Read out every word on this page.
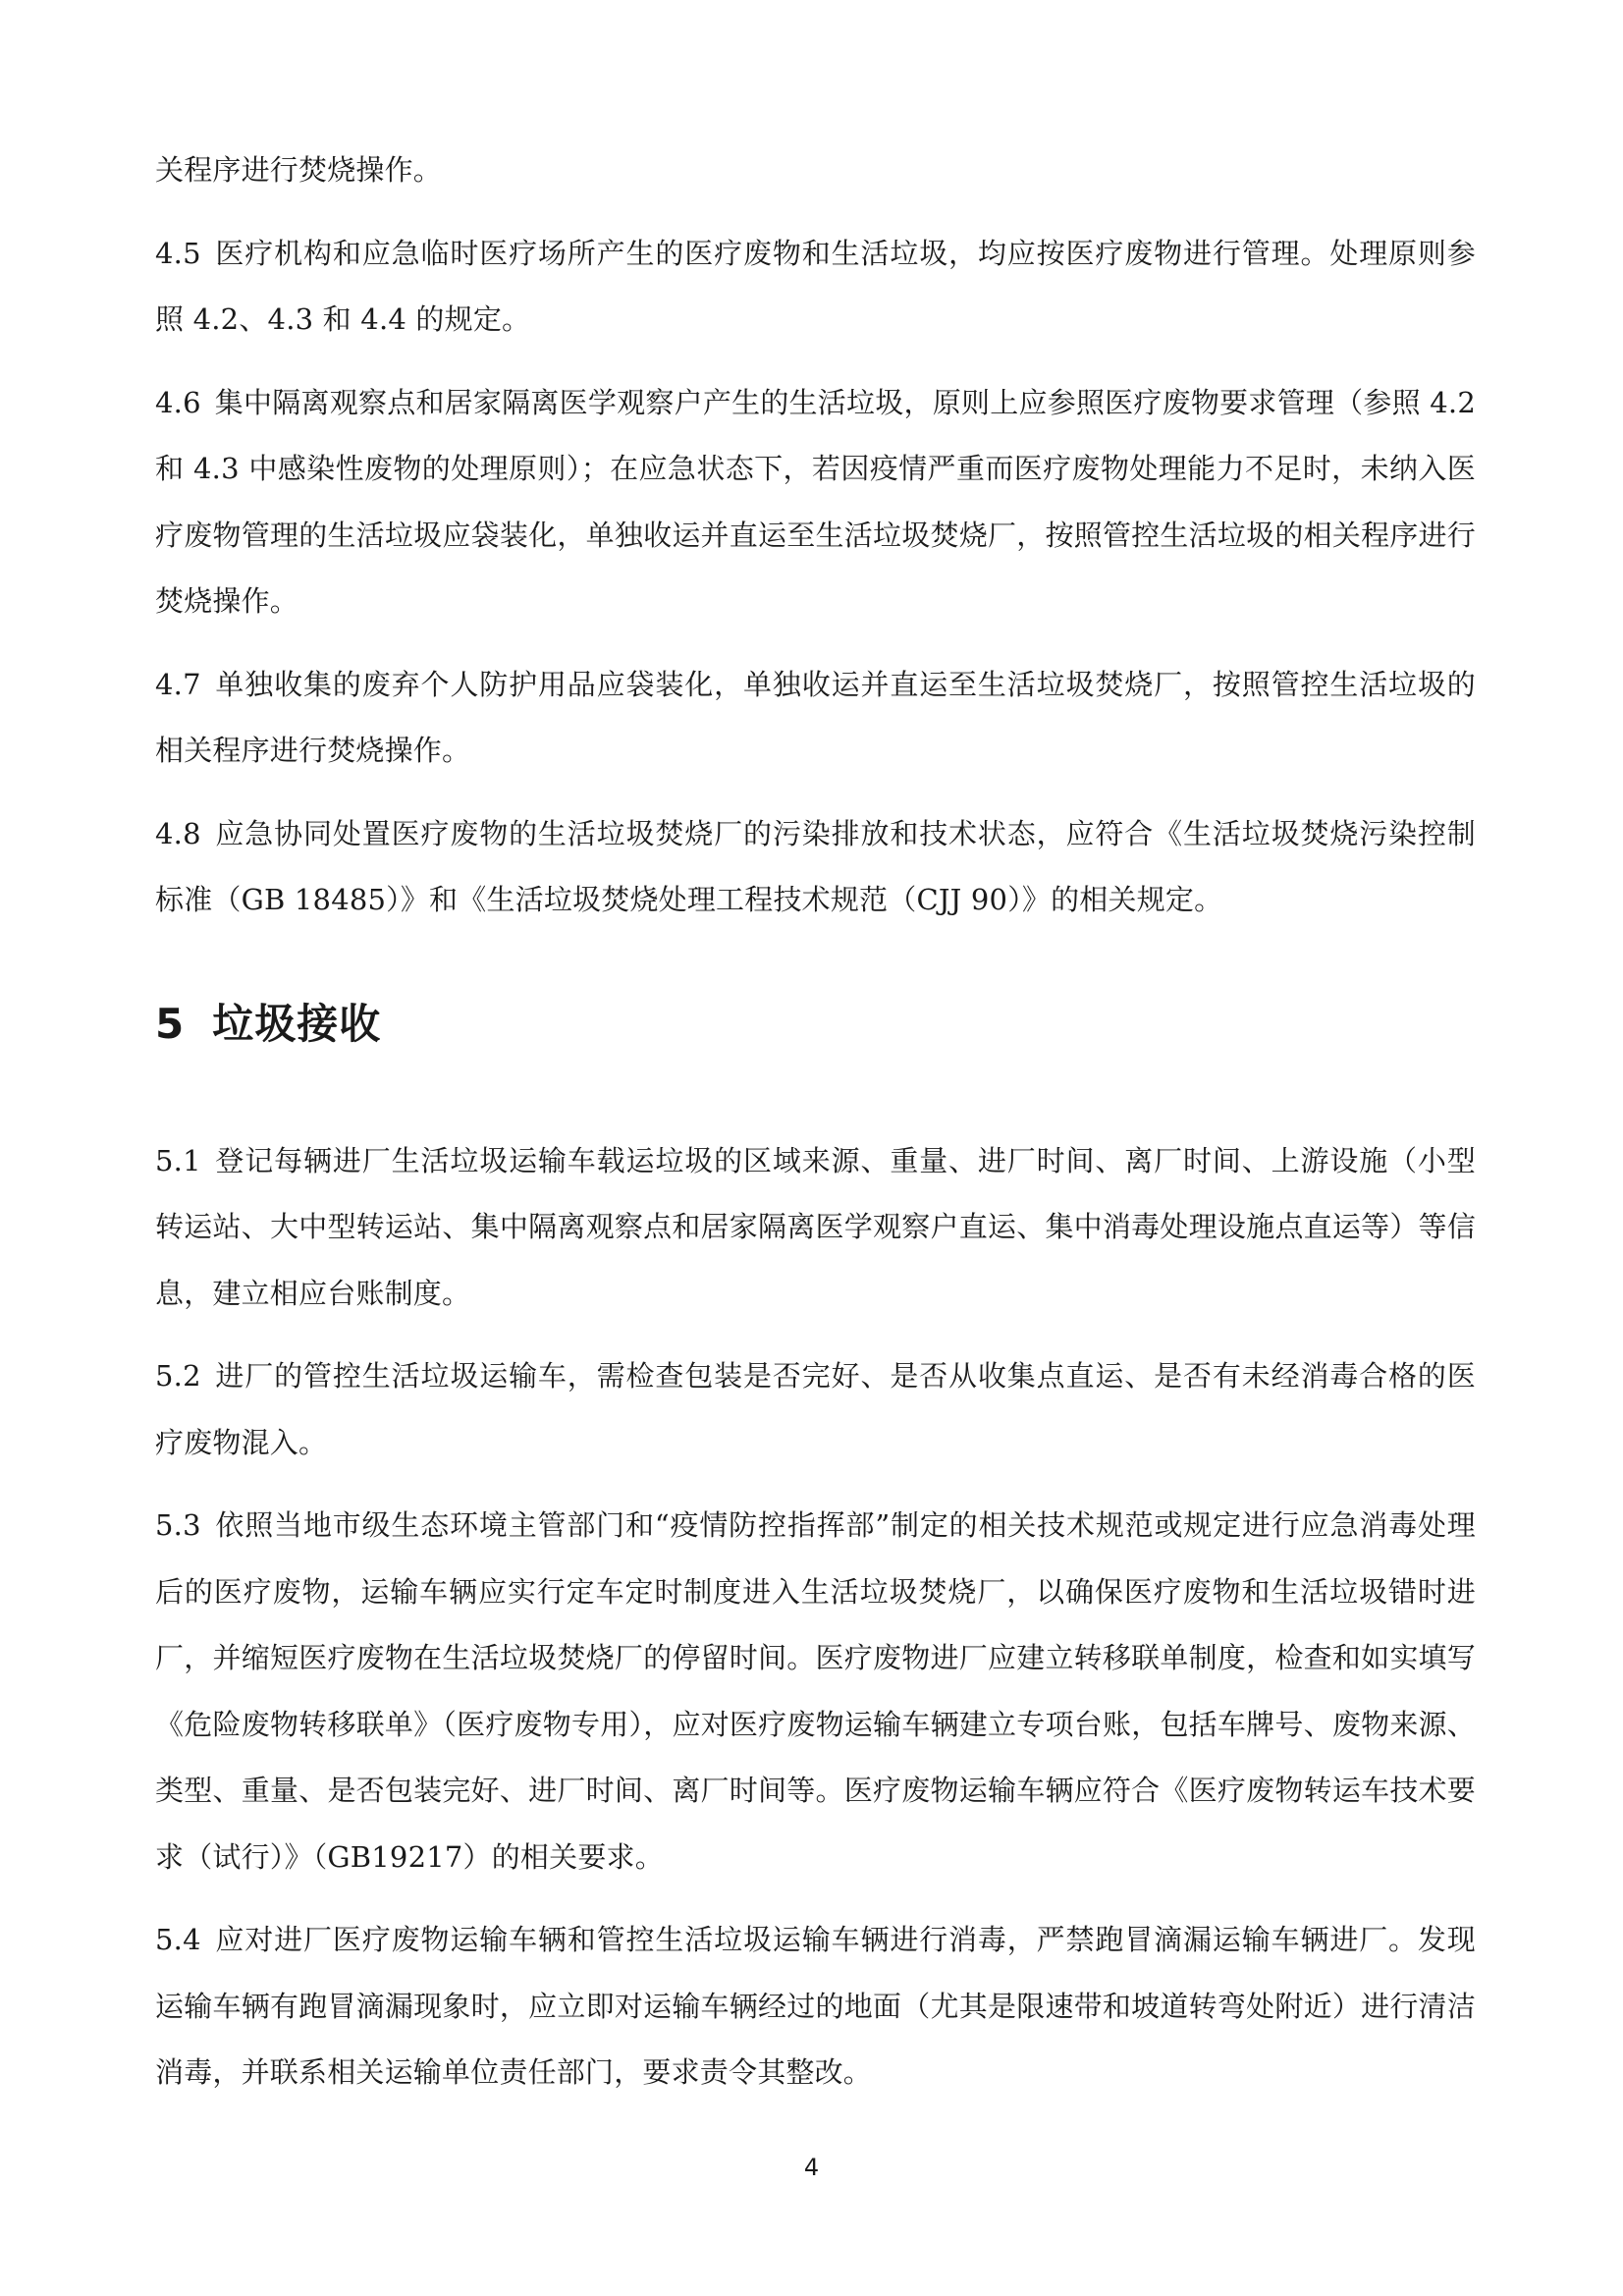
关程序进行焚烧操作。

4.5 医疗机构和应急临时医疗场所产生的医疗废物和生活垃圾，均应按医疗废物进行管理。处理原则参照 4.2、4.3 和 4.4 的规定。

4.6 集中隔离观察点和居家隔离医学观察户产生的生活垃圾，原则上应参照医疗废物要求管理（参照 4.2 和 4.3 中感染性废物的处理原则）；在应急状态下，若因疫情严重而医疗废物处理能力不足时，未纳入医疗废物管理的生活垃圾应袋装化，单独收运并直运至生活垃圾焚烧厂，按照管控生活垃圾的相关程序进行焚烧操作。

4.7 单独收集的废弃个人防护用品应袋装化，单独收运并直运至生活垃圾焚烧厂，按照管控生活垃圾的相关程序进行焚烧操作。

4.8 应急协同处置医疗废物的生活垃圾焚烧厂的污染排放和技术状态，应符合《生活垃圾焚烧污染控制标准（GB 18485）》和《生活垃圾焚烧处理工程技术规范（CJJ 90）》的相关规定。

5 垃圾接收

5.1 登记每辆进厂生活垃圾运输车载运垃圾的区域来源、重量、进厂时间、离厂时间、上游设施（小型转运站、大中型转运站、集中隔离观察点和居家隔离医学观察户直运、集中消毒处理设施点直运等）等信息，建立相应台账制度。

5.2 进厂的管控生活垃圾运输车，需检查包装是否完好、是否从收集点直运、是否有未经消毒合格的医疗废物混入。

5.3 依照当地市级生态环境主管部门和“疫情防控指挥部”制定的相关技术规范或规定进行应急消毒处理后的医疗废物，运输车辆应实行定车定时制度进入生活垃圾焚烧厂，以确保医疗废物和生活垃圾错时进厂，并缩短医疗废物在生活垃圾焚烧厂的停留时间。医疗废物进厂应建立转移联单制度，检查和如实填写《危险废物转移联单》（医疗废物专用），应对医疗废物运输车辆建立专项台账，包括车牌号、废物来源、类型、重量、是否包装完好、进厂时间、离厂时间等。医疗废物运输车辆应符合《医疗废物转运车技术要求（试行）》（GB19217）的相关要求。

5.4 应对进厂医疗废物运输车辆和管控生活垃圾运输车辆进行消毒，严禁跑冒滴漏运输车辆进厂。发现运输车辆有跑冒滴漏现象时，应立即对运输车辆经过的地面（尤其是限速带和坡道转弯处附近）进行清洁消毒，并联系相关运输单位责任部门，要求责令其整改。

4
